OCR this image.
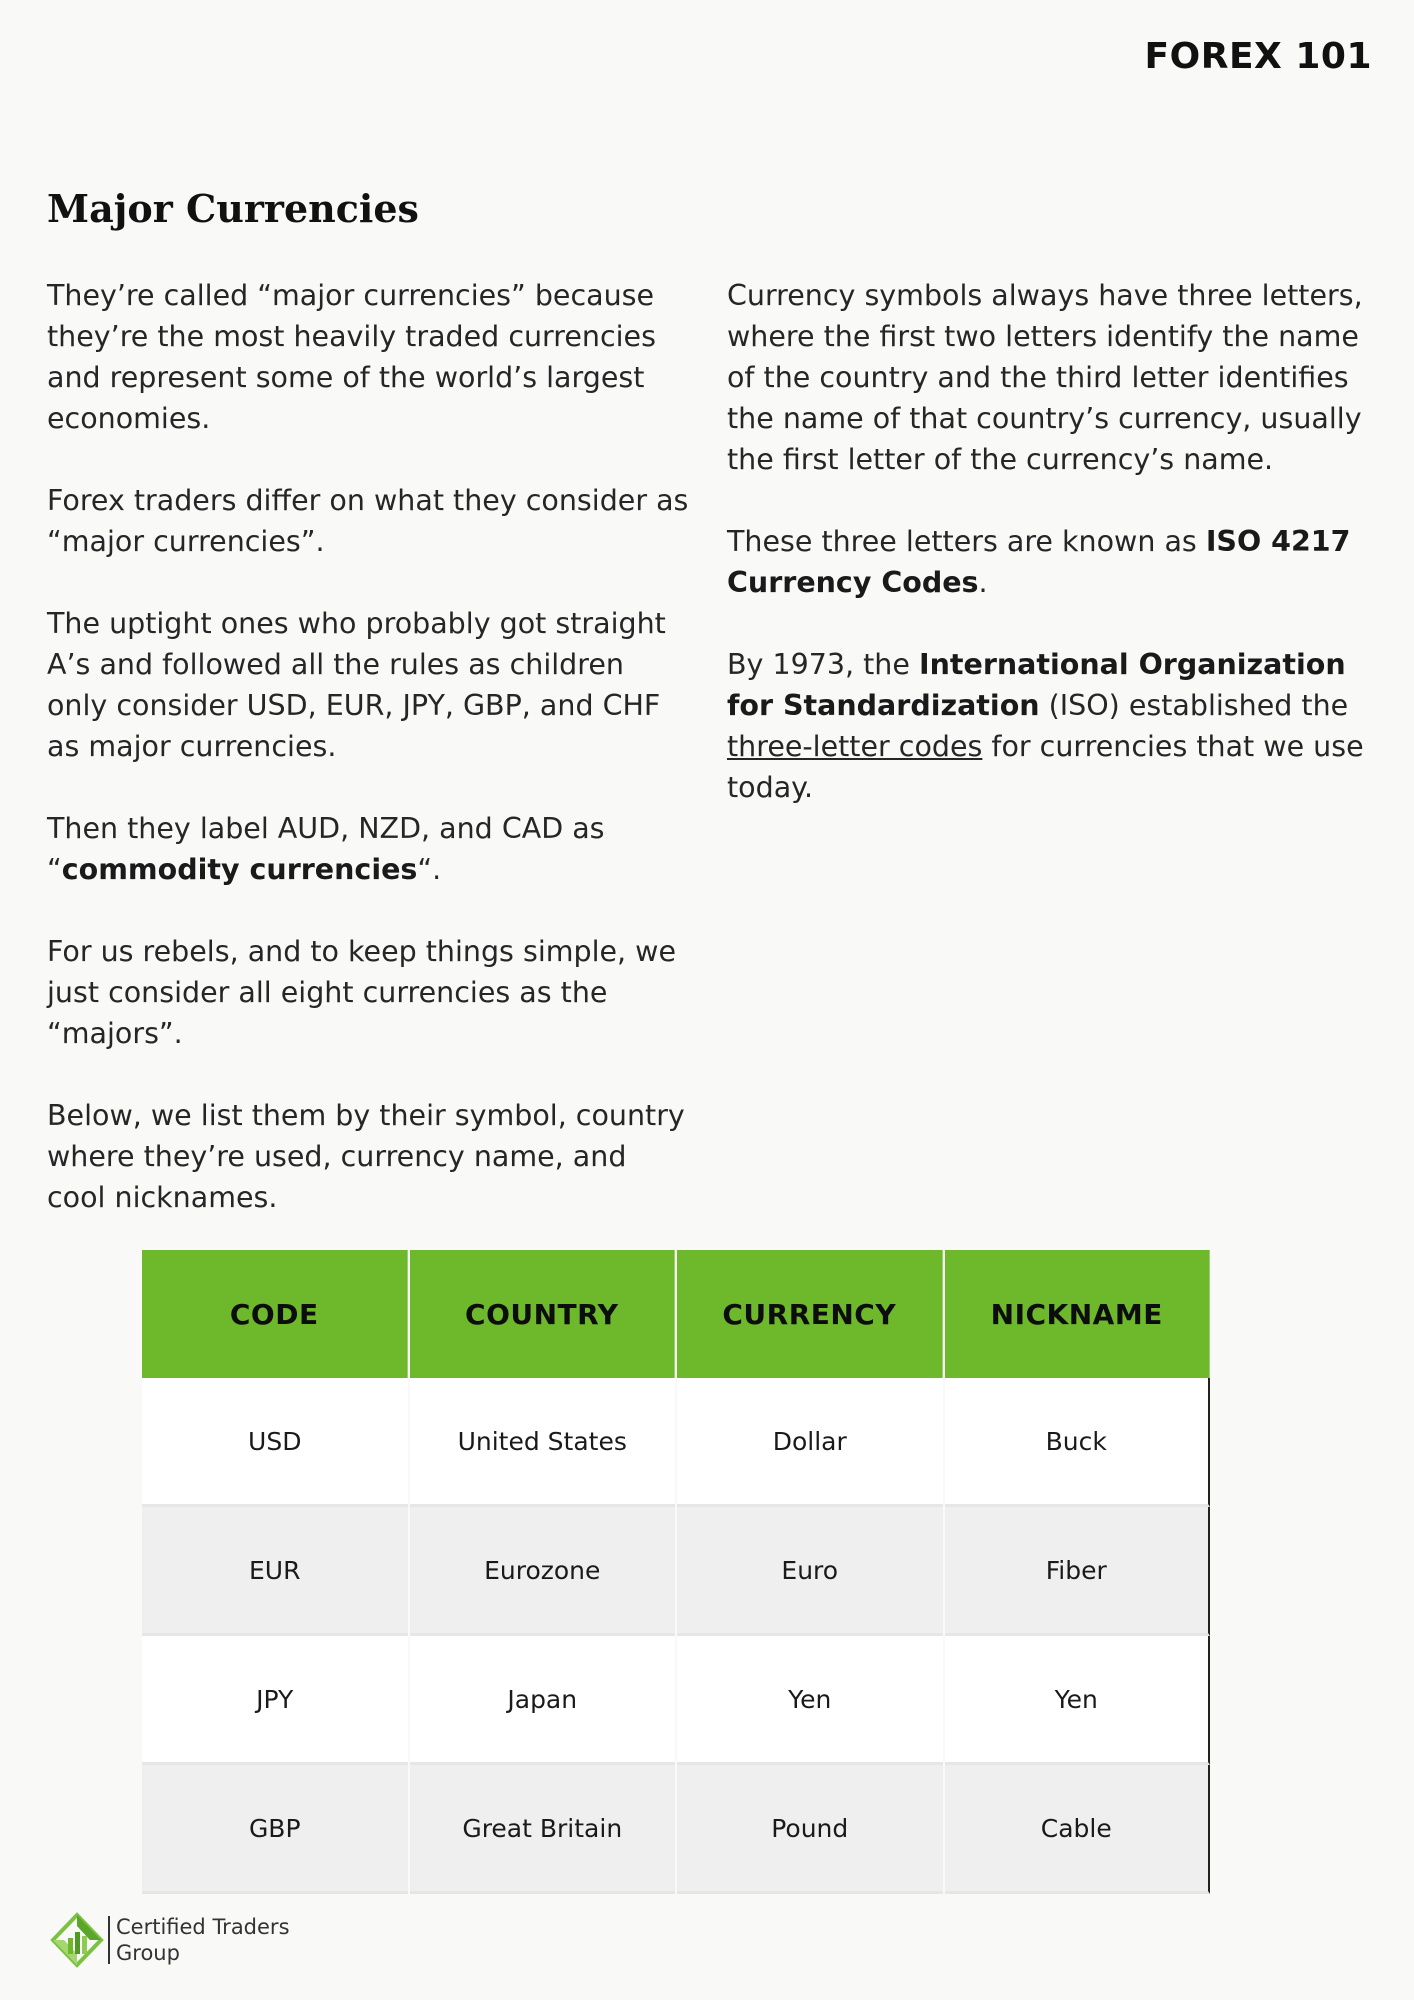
FOREX 101
Major Currencies

They’re called “major currencies” because they’re the most heavily traded currencies and represent some of the world’s largest economies.

Forex traders differ on what they consider as “major currencies”.

The uptight ones who probably got straight A’s and followed all the rules as children only consider USD, EUR, JPY, GBP, and CHF as major currencies.

Then they label AUD, NZD, and CAD as “commodity currencies“.

For us rebels, and to keep things simple, we just consider all eight currencies as the “majors”.

Below, we list them by their symbol, country where they’re used, currency name, and cool nicknames.

Currency symbols always have three letters, where the first two letters identify the name of the country and the third letter identifies the name of that country’s currency, usually the first letter of the currency’s name.

These three letters are known as ISO 4217 Currency Codes.

By 1973, the International Organization for Standardization (ISO) established the three-letter codes for currencies that we use today.

CODE	COUNTRY	CURRENCY	NICKNAME
USD	United States	Dollar	Buck
EUR	Eurozone	Euro	Fiber
JPY	Japan	Yen	Yen
GBP	Great Britain	Pound	Cable
Certified Traders
Group
